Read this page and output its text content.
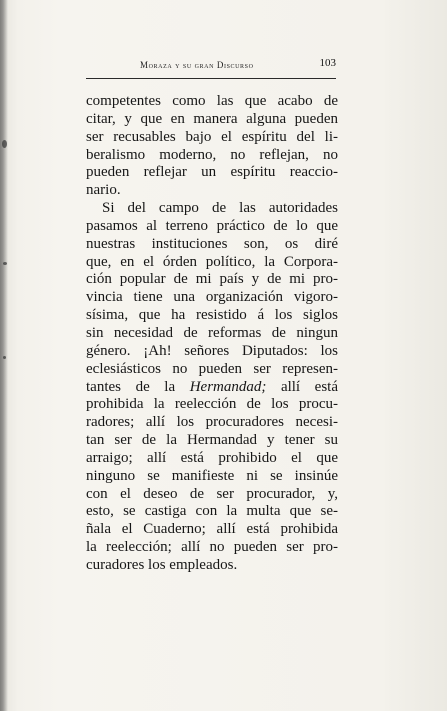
Moraza y su gran Discurso	103

competentes como las que acabo de
citar, y que en manera alguna pueden
ser recusables bajo el espíritu del li-
beralismo moderno, no reflejan, no
pueden reflejar un espíritu reaccio-
nario.

Si del campo de las autoridades
pasamos al terreno práctico de lo que
nuestras instituciones son, os diré
que, en el órden político, la Corpora-
ción popular de mi país y de mi pro-
vincia tiene una organización vigoro-
sísima, que ha resistido á los siglos
sin necesidad de reformas de ningun
género. ¡Ah! señores Diputados: los
eclesiásticos no pueden ser represen-
tantes de la Hermandad; allí está
prohibida la reelección de los procu-
radores; allí los procuradores necesi-
tan ser de la Hermandad y tener su
arraigo; allí está prohibido el que
ninguno se manifieste ni se insinúe
con el deseo de ser procurador, y,
esto, se castiga con la multa que se-
ñala el Cuaderno; allí está prohibida
la reelección; allí no pueden ser pro-
curadores los empleados.
